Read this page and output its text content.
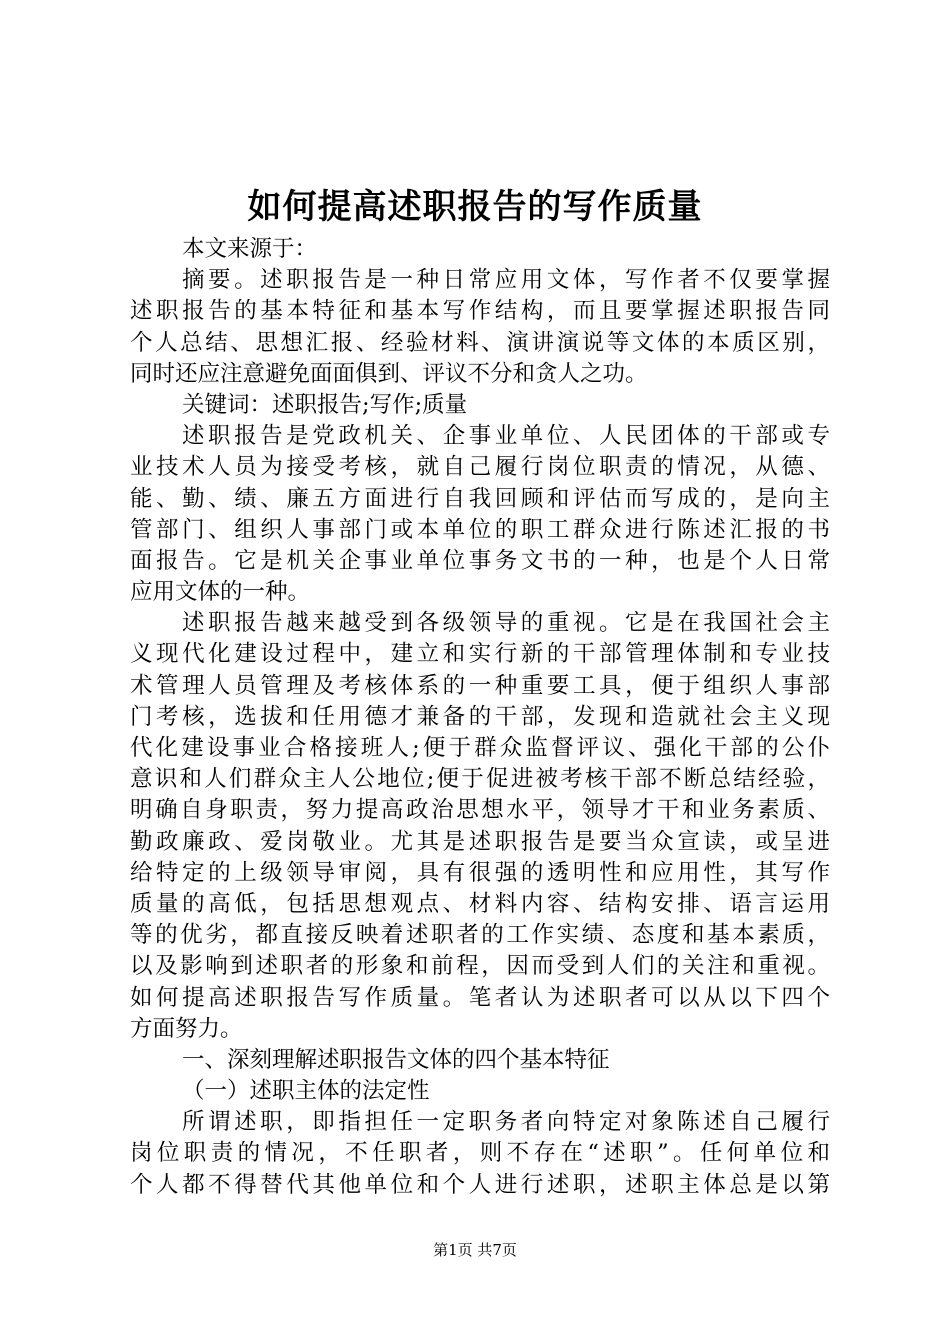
如何提高述职报告的写作质量
本文来源于：
摘要。述职报告是一种日常应用文体，写作者不仅要掌握
述职报告的基本特征和基本写作结构，而且要掌握述职报告同
个人总结、思想汇报、经验材料、演讲演说等文体的本质区别，
同时还应注意避免面面俱到、评议不分和贪人之功。
关键词：述职报告;写作;质量
述职报告是党政机关、企事业单位、人民团体的干部或专
业技术人员为接受考核，就自己履行岗位职责的情况，从德、
能、勤、绩、廉五方面进行自我回顾和评估而写成的，是向主
管部门、组织人事部门或本单位的职工群众进行陈述汇报的书
面报告。它是机关企事业单位事务文书的一种，也是个人日常
应用文体的一种。
述职报告越来越受到各级领导的重视。它是在我国社会主
义现代化建设过程中，建立和实行新的干部管理体制和专业技
术管理人员管理及考核体系的一种重要工具，便于组织人事部
门考核，选拔和任用德才兼备的干部，发现和造就社会主义现
代化建设事业合格接班人;便于群众监督评议、强化干部的公仆
意识和人们群众主人公地位;便于促进被考核干部不断总结经验，
明确自身职责，努力提高政治思想水平，领导才干和业务素质、
勤政廉政、爱岗敬业。尤其是述职报告是要当众宣读，或呈进
给特定的上级领导审阅，具有很强的透明性和应用性，其写作
质量的高低，包括思想观点、材料内容、结构安排、语言运用
等的优劣，都直接反映着述职者的工作实绩、态度和基本素质，
以及影响到述职者的形象和前程，因而受到人们的关注和重视。
如何提高述职报告写作质量。笔者认为述职者可以从以下四个
方面努力。
一、深刻理解述职报告文体的四个基本特征
（一）述职主体的法定性
所谓述职，即指担任一定职务者向特定对象陈述自己履行
岗位职责的情况，不任职者，则不存在“述职”。任何单位和
个人都不得替代其他单位和个人进行述职，述职主体总是以第
第1页 共7页
